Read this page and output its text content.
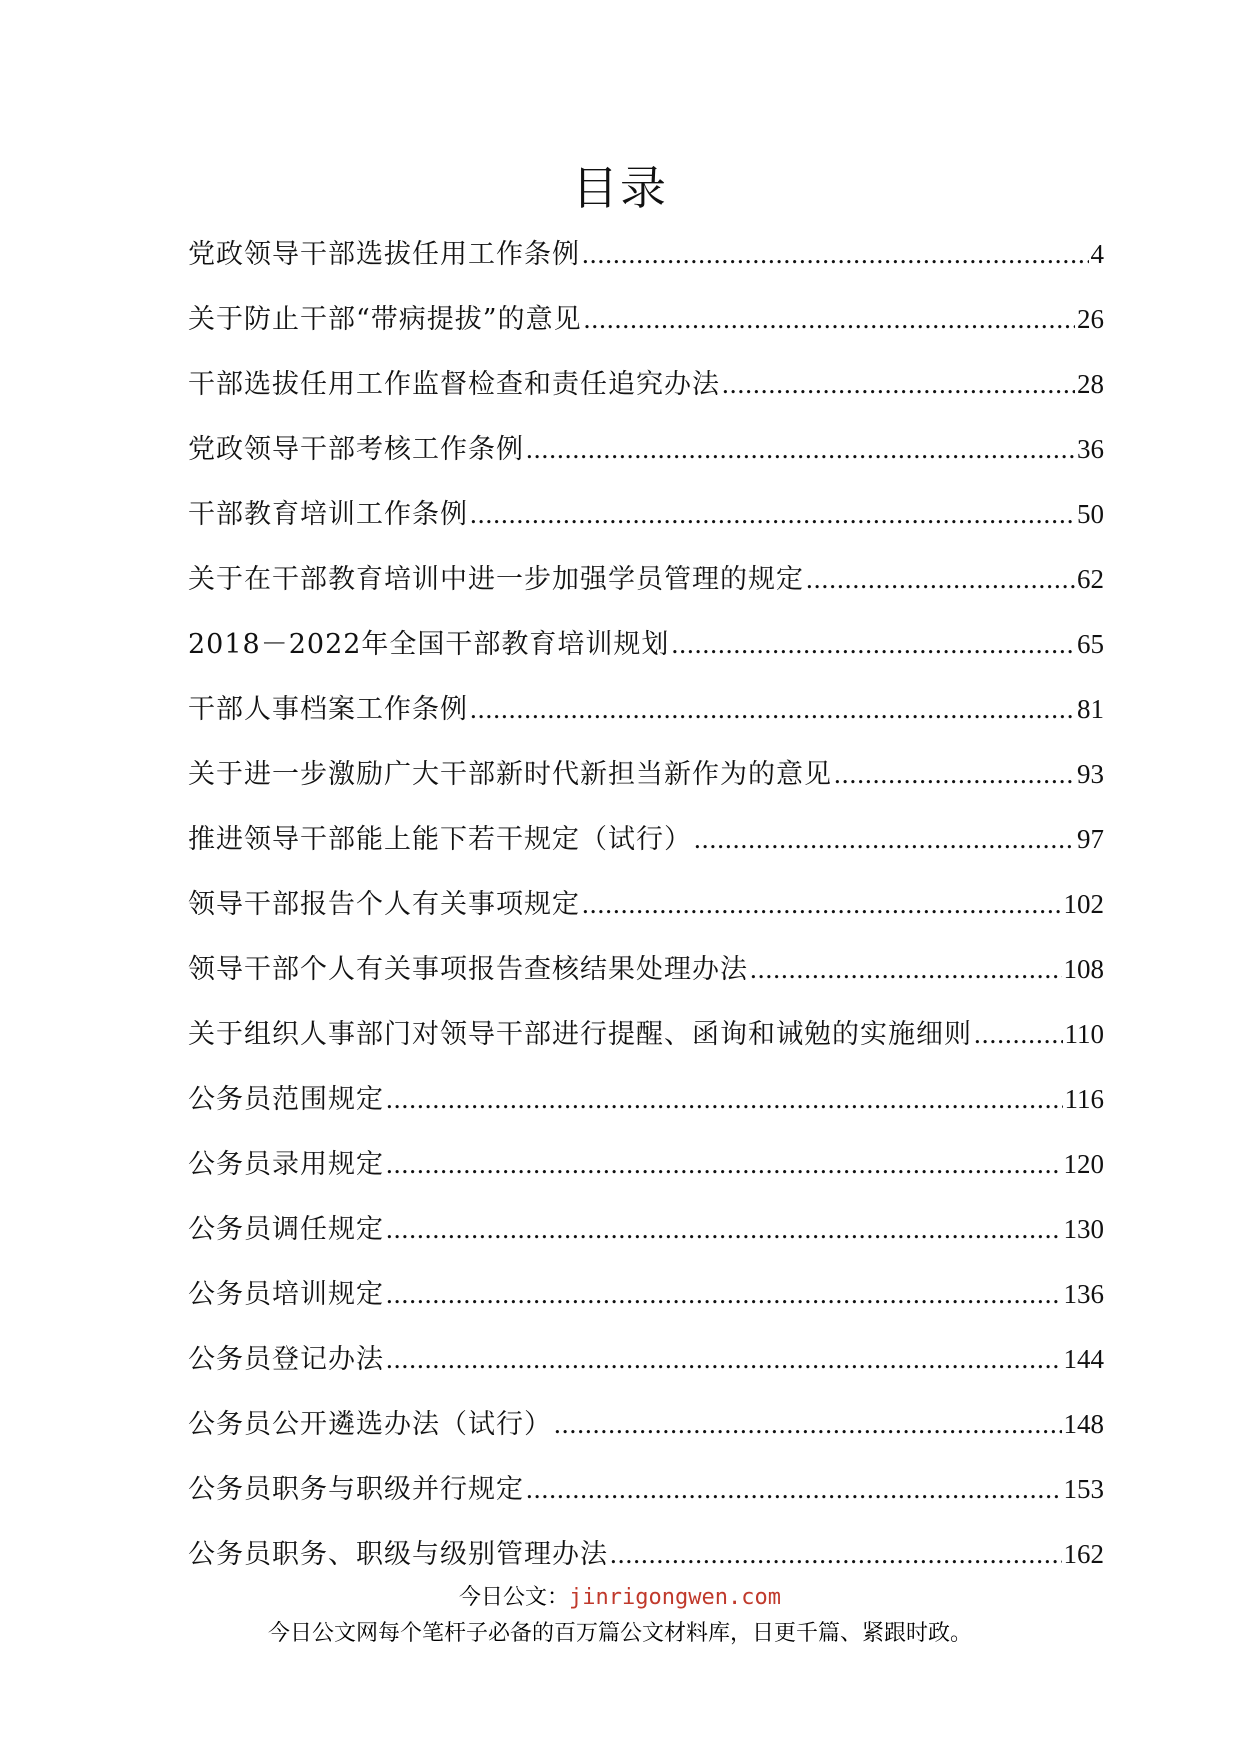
目录
党政领导干部选拔任用工作条例 .....	4
关于防止干部“带病提拔”的意见 .....	26
干部选拔任用工作监督检查和责任追究办法 .....	28
党政领导干部考核工作条例 .....	36
干部教育培训工作条例 .....	50
关于在干部教育培训中进一步加强学员管理的规定 .....	62
2018－2022年全国干部教育培训规划 .....	65
干部人事档案工作条例 .....	81
关于进一步激励广大干部新时代新担当新作为的意见 .....	93
推进领导干部能上能下若干规定（试行） .....	97
领导干部报告个人有关事项规定 .....	102
领导干部个人有关事项报告查核结果处理办法 .....	108
关于组织人事部门对领导干部进行提醒、函询和诫勉的实施细则 .....	110
公务员范围规定 .....	116
公务员录用规定 .....	120
公务员调任规定 .....	130
公务员培训规定 .....	136
公务员登记办法 .....	144
公务员公开遴选办法（试行） .....	148
公务员职务与职级并行规定 .....	153
公务员职务、职级与级别管理办法 .....	162
今日公文：jinrigongwen.com
今日公文网每个笔杆子必备的百万篇公文材料库，日更千篇、紧跟时政。
